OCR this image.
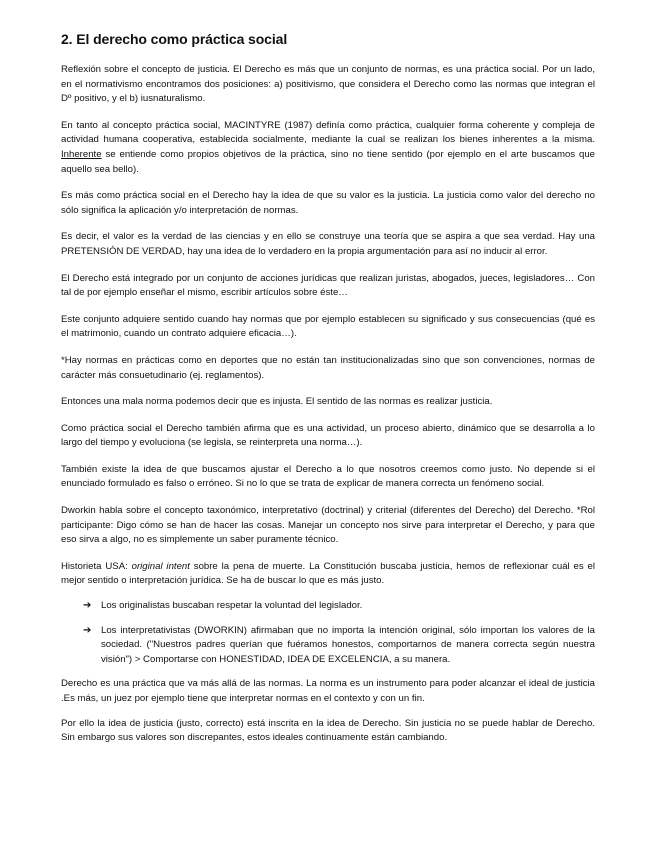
2. El derecho como práctica social

Reflexión sobre el concepto de justicia. El Derecho es más que un conjunto de normas, es una práctica social. Por un lado, en el normativismo encontramos dos posiciones: a) positivismo, que considera el Derecho como las normas que integran el Dº positivo, y el b) iusnaturalismo.

En tanto al concepto práctica social, MACINTYRE (1987) definía como práctica, cualquier forma coherente y compleja de actividad humana cooperativa, establecida socialmente, mediante la cual se realizan los bienes inherentes a la misma. Inherente se entiende como propios objetivos de la práctica, sino no tiene sentido (por ejemplo en el arte buscamos que aquello sea bello).

Es más como práctica social en el Derecho hay la idea de que su valor es la justicia. La justicia como valor del derecho no sólo significa la aplicación y/o interpretación de normas.

Es decir, el valor es la verdad de las ciencias y en ello se construye una teoría que se aspira a que sea verdad. Hay una PRETENSIÓN DE VERDAD, hay una idea de lo verdadero en la propia argumentación para así no inducir al error.

El Derecho está integrado por un conjunto de acciones jurídicas que realizan juristas, abogados, jueces, legisladores… Con tal de por ejemplo enseñar el mismo, escribir artículos sobre éste…

Este conjunto adquiere sentido cuando hay normas que por ejemplo establecen su significado y sus consecuencias (qué es el matrimonio, cuando un contrato adquiere eficacia…).

*Hay normas en prácticas como en deportes que no están tan institucionalizadas sino que son convenciones, normas de carácter más consuetudinario (ej. reglamentos).

Entonces una mala norma podemos decir que es injusta. El sentido de las normas es realizar justicia.

Como práctica social el Derecho también afirma que es una actividad, un proceso abierto, dinámico que se desarrolla a lo largo del tiempo y evoluciona (se legisla, se reinterpreta una norma…).

También existe la idea de que buscamos ajustar el Derecho a lo que nosotros creemos como justo. No depende si el enunciado formulado es falso o erróneo. Si no lo que se trata de explicar de manera correcta un fenómeno social.

Dworkin habla sobre el concepto taxonómico, interpretativo (doctrinal) y criterial (diferentes del Derecho) del Derecho. *Rol participante: Digo cómo se han de hacer las cosas. Manejar un concepto nos sirve para interpretar el Derecho, y para que eso sirva a algo, no es simplemente un saber puramente técnico.

Historieta USA: original intent sobre la pena de muerte. La Constitución buscaba justicia, hemos de reflexionar cuál es el mejor sentido o interpretación jurídica. Se ha de buscar lo que es más justo.

➔ Los originalistas buscaban respetar la voluntad del legislador.
➔ Los interpretativistas (DWORKIN) afirmaban que no importa la intención original, sólo importan los valores de la sociedad. ("Nuestros padres querían que fuéramos honestos, comportarnos de manera correcta según nuestra visión") > Comportarse con HONESTIDAD, IDEA DE EXCELENCIA, a su manera.

Derecho es una práctica que va más allá de las normas. La norma es un instrumento para poder alcanzar el ideal de justicia .Es más, un juez por ejemplo tiene que interpretar normas en el contexto y con un fin.

Por ello la idea de justicia (justo, correcto) está inscrita en la idea de Derecho. Sin justicia no se puede hablar de Derecho. Sin embargo sus valores son discrepantes, estos ideales continuamente están cambiando.
